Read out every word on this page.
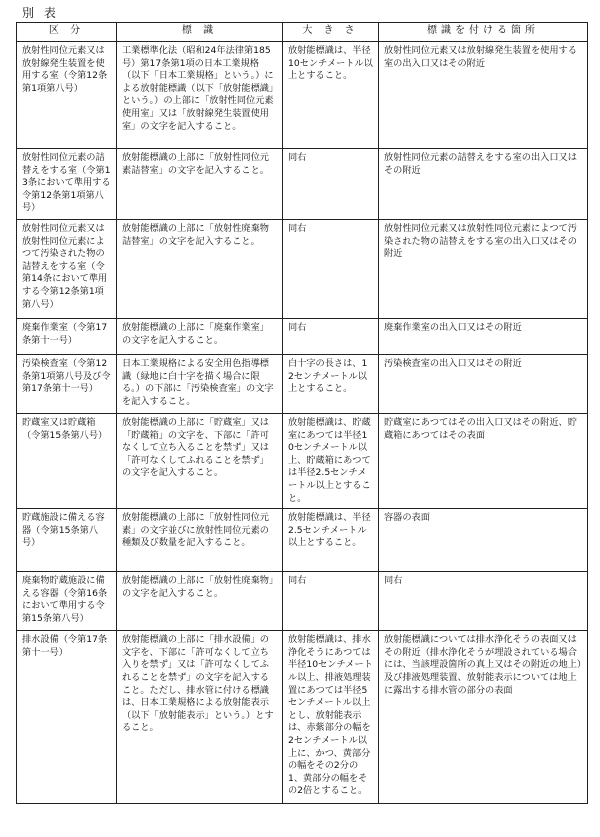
別 表
区 分	標 識	大 き さ	標識を付ける箇所
放射性同位元素又は放射線発生装置を使用する室（令第12条第1項第八号）	工業標準化法（昭和24年法律第185号）第17条第1項の日本工業規格（以下「日本工業規格」という。）による放射能標識（以下「放射能標識」という。）の上部に「放射性同位元素使用室」又は「放射線発生装置使用室」の文字を記入すること。	放射能標識は、半径10センチメートル以上とすること。	放射性同位元素又は放射線発生装置を使用する室の出入口又はその附近
放射性同位元素の詰替えをする室（令第13条において準用する令第12条第1項第八号）	放射能標識の上部に「放射性同位元素詰替室」の文字を記入すること。	同右	放射性同位元素の詰替えをする室の出入口又はその附近
放射性同位元素又は放射性同位元素によつて汚染された物の詰替えをする室（令第14条において準用する令第12条第1項第八号）	放射能標識の上部に「放射性廃棄物詰替室」の文字を記入すること。	同右	放射性同位元素又は放射性同位元素によつて汚染された物の詰替えをする室の出入口又はその附近
廃棄作業室（令第17条第十一号）	放射能標識の上部に「廃棄作業室」の文字を記入すること。	同右	廃棄作業室の出入口又はその附近
汚染検査室（令第12条第1項第八号及び令第17条第十一号）	日本工業規格による安全用色指導標識（緑地に白十字を描く場合に限る。）の下部に「汚染検査室」の文字を記入すること。	白十字の長さは、12センチメートル以上とすること。	汚染検査室の出入口又はその附近
貯蔵室又は貯蔵箱（令第15条第八号）	放射能標識の上部に「貯蔵室」又は「貯蔵箱」の文字を、下部に「許可なくして立ち入ることを禁ず」又は「許可なくしてふれることを禁ず」の文字を記入すること。	放射能標識は、貯蔵室にあつては半径10センチメートル以上、貯蔵箱にあつては半径2.5センチメートル以上とすること。	貯蔵室にあつてはその出入口又はその附近、貯蔵箱にあつてはその表面
貯蔵施設に備える容器（令第15条第八号）	放射能標識の上部に「放射性同位元素」の文字並びに放射性同位元素の種類及び数量を記入すること。	放射能標識は、半径2.5センチメートル以上とすること。	容器の表面
廃棄物貯蔵施設に備える容器（令第16条において準用する令第15条第八号）	放射能標識の上部に「放射性廃棄物」の文字を記入すること。	同右	同右
排水設備（令第17条第十一号）	放射能標識の上部に「排水設備」の文字を、下部に「許可なくして立ち入りを禁ず」又は「許可なくしてふれることを禁ず」の文字を記入すること。ただし、排水管に付ける標識は、日本工業規格による放射能表示（以下「放射能表示」という。）とすること。	放射能標識は、排水浄化そうにあつては半径10センチメートル以上、排液処理装置にあつては半径5センチメートル以上とし、放射能表示は、赤紫部分の幅を2センチメートル以上に、かつ、黄部分の幅をその2分の1、黄部分の幅をその2倍とすること。	放射能標識については排水浄化そうの表面又はその附近（排水浄化そうが埋設されている場合には、当該埋設箇所の真上又はその附近の地上）及び排液処理装置、放射能表示については地上に露出する排水管の部分の表面
